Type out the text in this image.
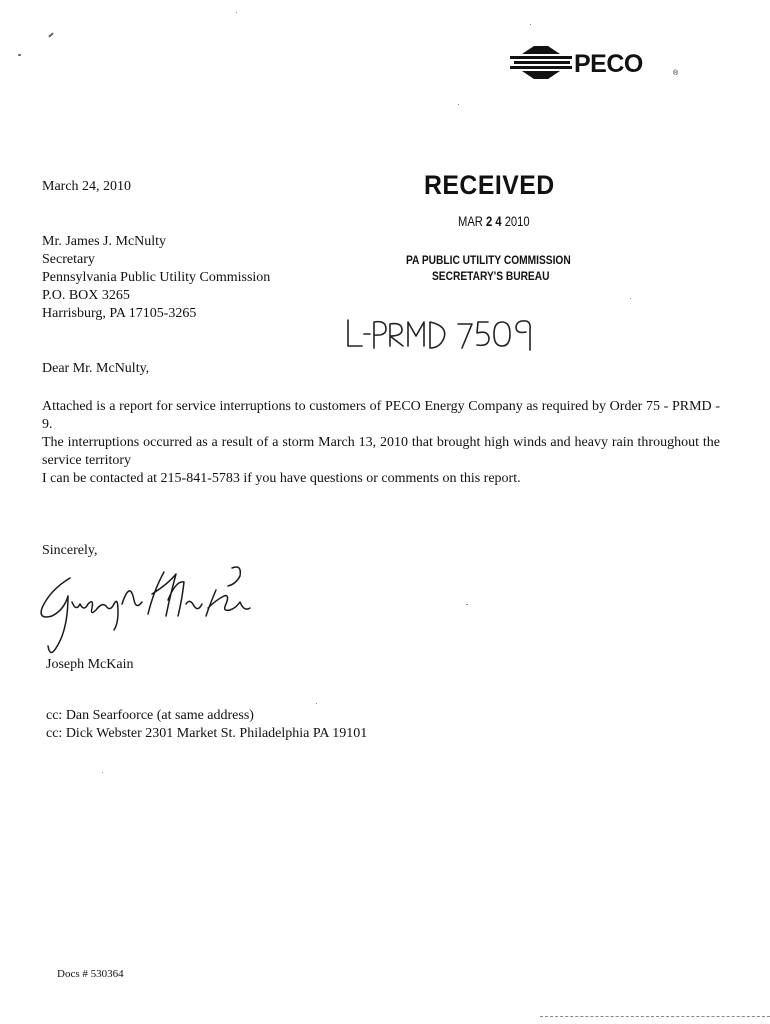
PECO	®
March 24, 2010	RECEIVED
MAR 2 4 2010
PA PUBLIC UTILITY COMMISSION
SECRETARY'S BUREAU
Mr. James J. McNulty
Secretary
Pennsylvania Public Utility Commission
P.O. BOX 3265
Harrisburg, PA 17105-3265
Dear Mr. McNulty,
Attached is a report for service interruptions to customers of PECO Energy Company as required by Order 75 - PRMD - 9.
The interruptions occurred as a result of a storm March 13, 2010 that brought high winds and heavy rain throughout the service territory
I can be contacted at 215-841-5783 if you have questions or comments on this report.
Sincerely,
Joseph McKain
cc: Dan Searfoorce (at same address)
cc: Dick Webster 2301 Market St. Philadelphia PA 19101
Docs # 530364
